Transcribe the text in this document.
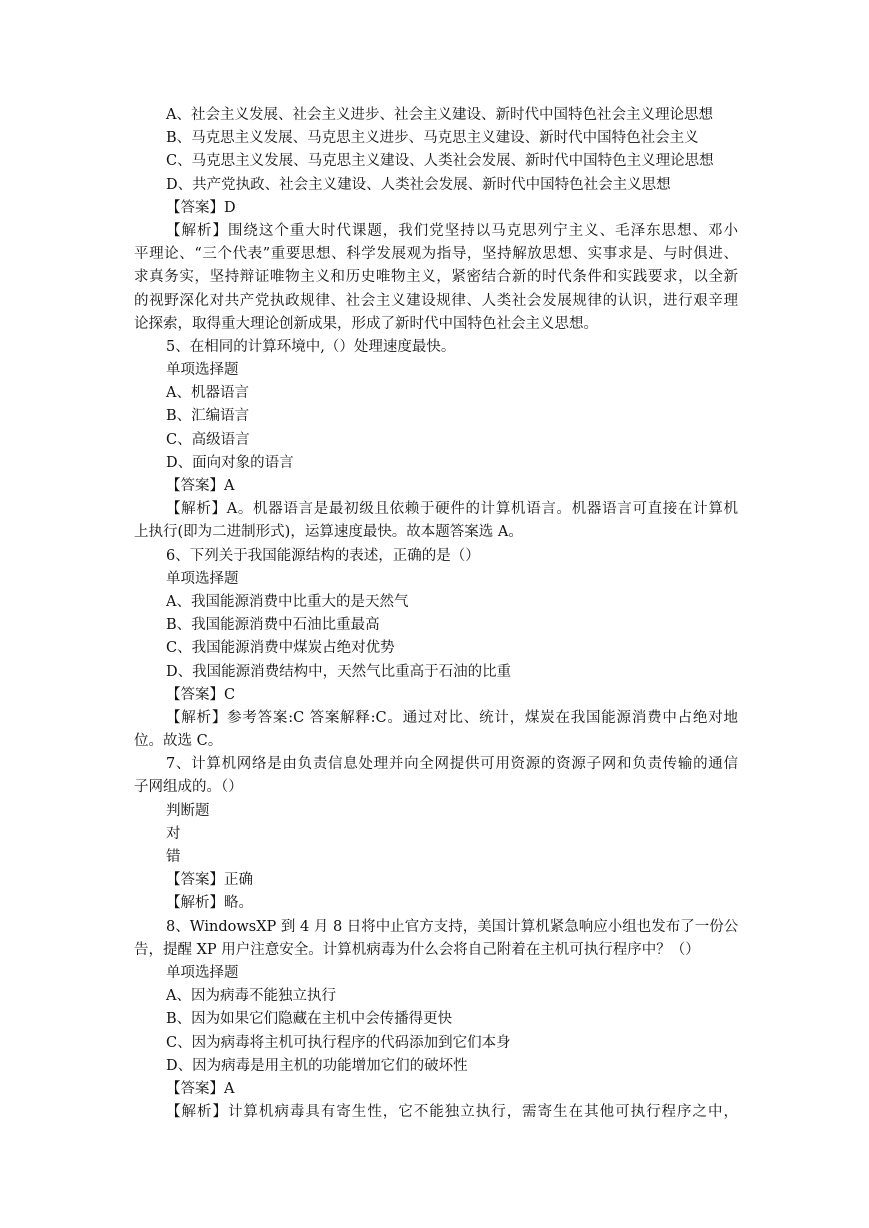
A、社会主义发展、社会主义进步、社会主义建设、新时代中国特色社会主义理论思想
B、马克思主义发展、马克思主义进步、马克思主义建设、新时代中国特色社会主义
C、马克思主义发展、马克思主义建设、人类社会发展、新时代中国特色主义理论思想
D、共产党执政、社会主义建设、人类社会发展、新时代中国特色社会主义思想
【答案】D
【解析】围绕这个重大时代课题，我们党坚持以马克思列宁主义、毛泽东思想、邓小
平理论、“三个代表”重要思想、科学发展观为指导，坚持解放思想、实事求是、与时俱进、
求真务实，坚持辩证唯物主义和历史唯物主义，紧密结合新的时代条件和实践要求，以全新
的视野深化对共产党执政规律、社会主义建设规律、人类社会发展规律的认识，进行艰辛理
论探索，取得重大理论创新成果，形成了新时代中国特色社会主义思想。
5、在相同的计算环境中,（）处理速度最快。
单项选择题
A、机器语言
B、汇编语言
C、高级语言
D、面向对象的语言
【答案】A
【解析】A。机器语言是最初级且依赖于硬件的计算机语言。机器语言可直接在计算机
上执行(即为二进制形式)，运算速度最快。故本题答案选 A。
6、下列关于我国能源结构的表述，正确的是（）
单项选择题
A、我国能源消费中比重大的是天然气
B、我国能源消费中石油比重最高
C、我国能源消费中煤炭占绝对优势
D、我国能源消费结构中，天然气比重高于石油的比重
【答案】C
【解析】参考答案:C 答案解释:C。通过对比、统计，煤炭在我国能源消费中占绝对地
位。故选 C。
7、计算机网络是由负责信息处理并向全网提供可用资源的资源子网和负责传输的通信
子网组成的。（）
判断题
对
错
【答案】正确
【解析】略。
8、WindowsXP 到 4 月 8 日将中止官方支持，美国计算机紧急响应小组也发布了一份公
告，提醒 XP 用户注意安全。计算机病毒为什么会将自己附着在主机可执行程序中？（）
单项选择题
A、因为病毒不能独立执行
B、因为如果它们隐藏在主机中会传播得更快
C、因为病毒将主机可执行程序的代码添加到它们本身
D、因为病毒是用主机的功能增加它们的破坏性
【答案】A
【解析】计算机病毒具有寄生性，它不能独立执行，需寄生在其他可执行程序之中，
